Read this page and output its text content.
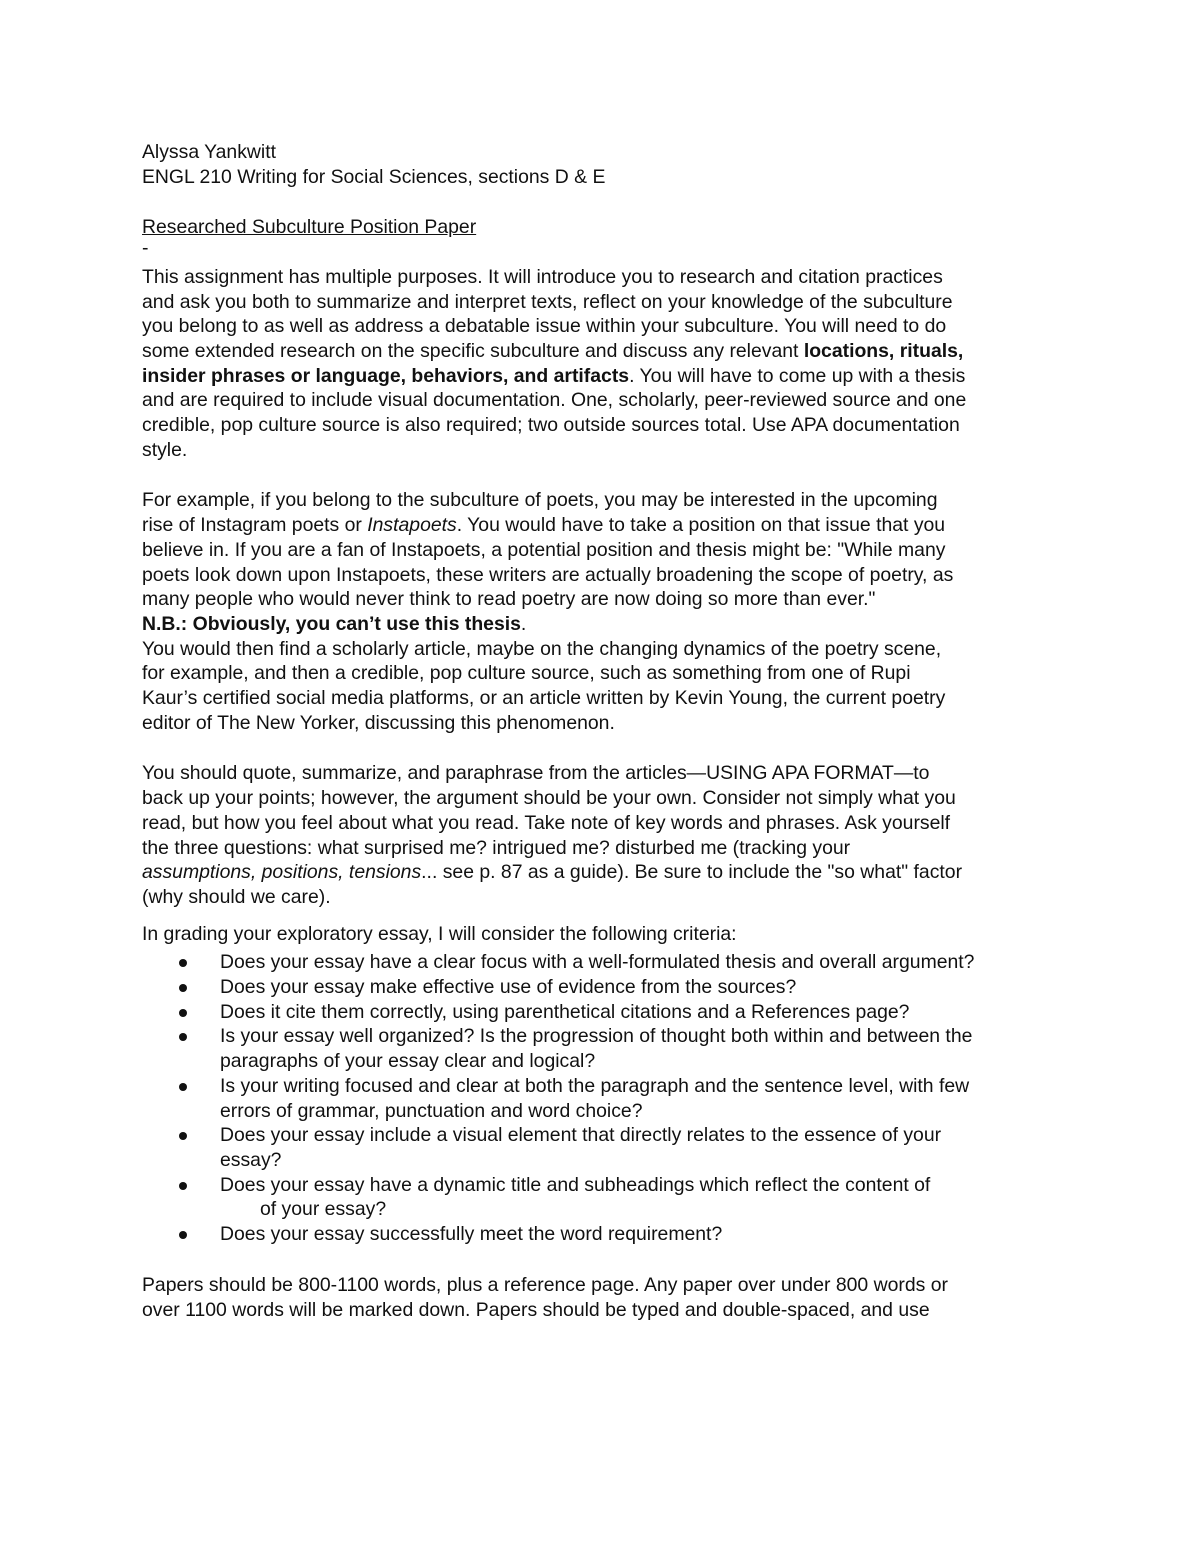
Alyssa Yankwitt
ENGL 210 Writing for Social Sciences, sections D & E
Researched Subculture Position Paper
-
This assignment has multiple purposes. It will introduce you to research and citation practices
and ask you both to summarize and interpret texts, reflect on your knowledge of the subculture
you belong to as well as address a debatable issue within your subculture. You will need to do
some extended research on the specific subculture and discuss any relevant locations, rituals,
insider phrases or language, behaviors, and artifacts. You will have to come up with a thesis
and are required to include visual documentation. One, scholarly, peer-reviewed source and one
credible, pop culture source is also required; two outside sources total. Use APA documentation
style.
For example, if you belong to the subculture of poets, you may be interested in the upcoming
rise of Instagram poets or Instapoets. You would have to take a position on that issue that you
believe in. If you are a fan of Instapoets, a potential position and thesis might be: "While many
poets look down upon Instapoets, these writers are actually broadening the scope of poetry, as
many people who would never think to read poetry are now doing so more than ever."
N.B.: Obviously, you can’t use this thesis.
You would then find a scholarly article, maybe on the changing dynamics of the poetry scene,
for example, and then a credible, pop culture source, such as something from one of Rupi
Kaur’s certified social media platforms, or an article written by Kevin Young, the current poetry
editor of The New Yorker, discussing this phenomenon.
You should quote, summarize, and paraphrase from the articles—USING APA FORMAT—to
back up your points; however, the argument should be your own. Consider not simply what you
read, but how you feel about what you read. Take note of key words and phrases. Ask yourself
the three questions: what surprised me? intrigued me? disturbed me (tracking your
assumptions, positions, tensions... see p. 87 as a guide). Be sure to include the "so what" factor
(why should we care).
In grading your exploratory essay, I will consider the following criteria:
Does your essay have a clear focus with a well-formulated thesis and overall argument?
Does your essay make effective use of evidence from the sources?
Does it cite them correctly, using parenthetical citations and a References page?
Is your essay well organized? Is the progression of thought both within and between the
paragraphs of your essay clear and logical?
Is your writing focused and clear at both the paragraph and the sentence level, with few
errors of grammar, punctuation and word choice?
Does your essay include a visual element that directly relates to the essence of your
essay?
Does your essay have a dynamic title and subheadings which reflect the content of
of your essay?
Does your essay successfully meet the word requirement?
Papers should be 800-1100 words, plus a reference page. Any paper over under 800 words or
over 1100 words will be marked down. Papers should be typed and double-spaced, and use
